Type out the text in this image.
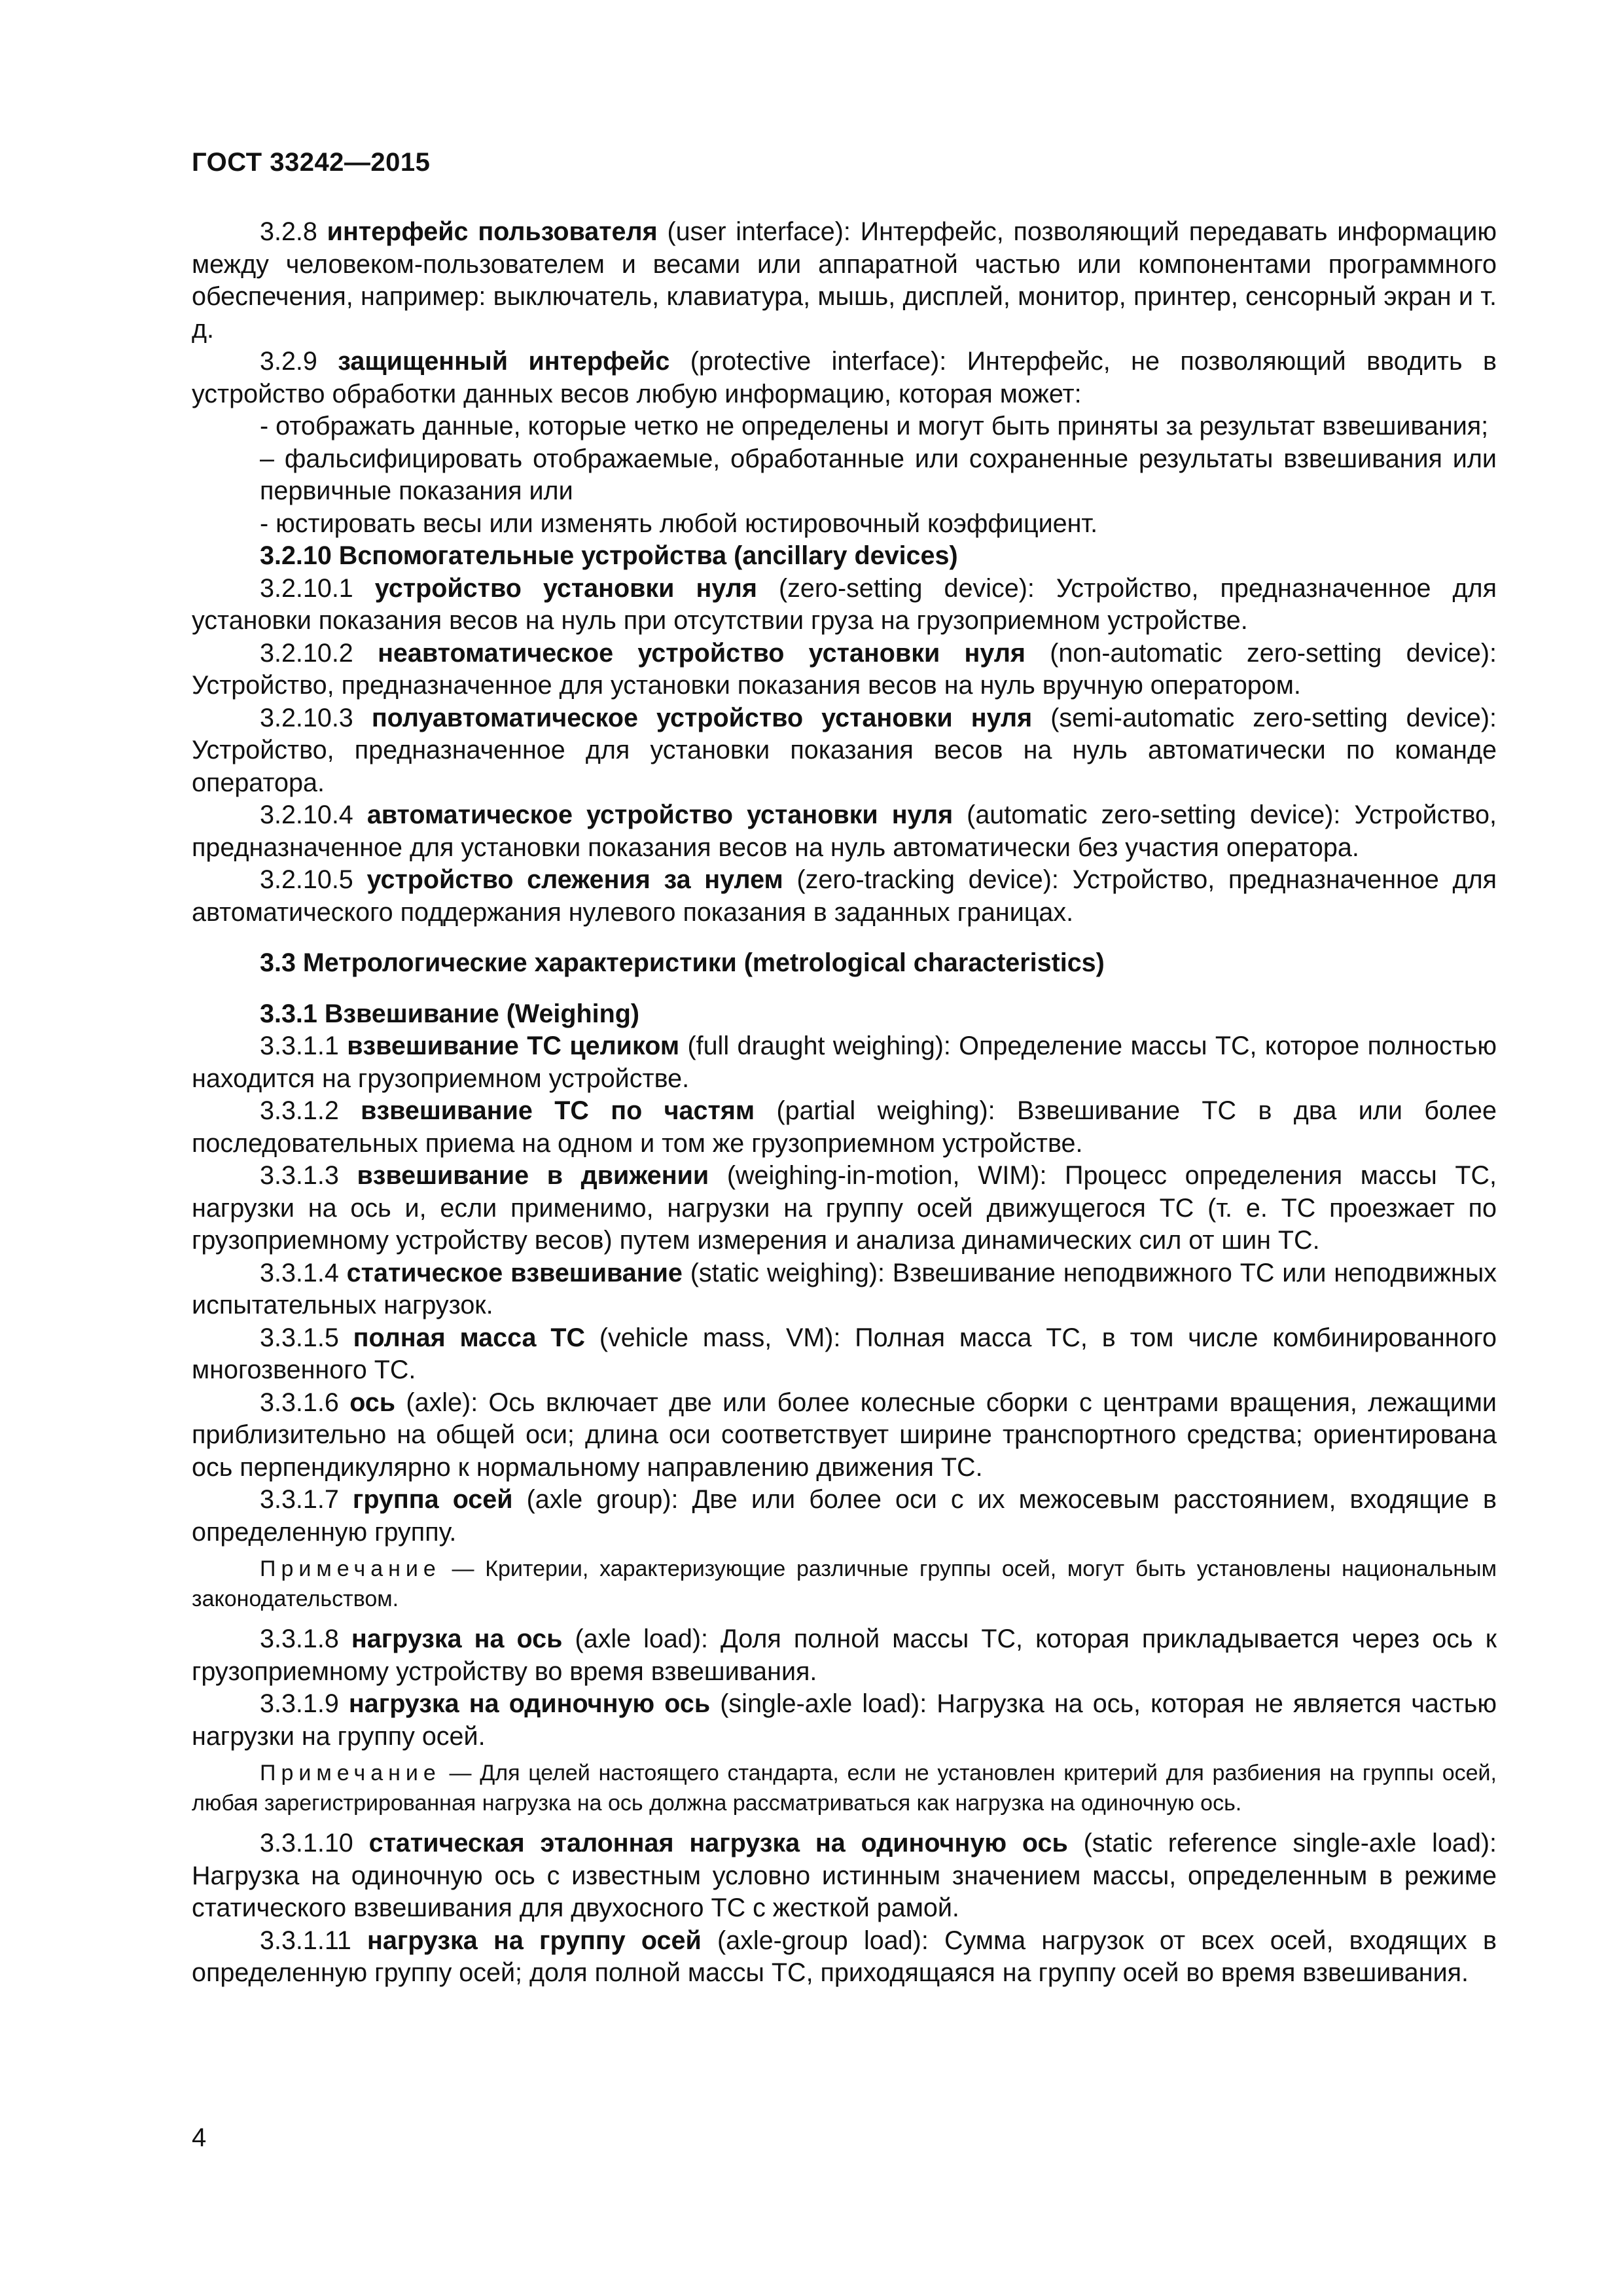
ГОСТ 33242—2015

3.2.8 интерфейс пользователя (user interface): Интерфейс, позволяющий передавать информацию между человеком-пользователем и весами или аппаратной частью или компонентами программного обеспечения, например: выключатель, клавиатура, мышь, дисплей, монитор, принтер, сенсорный экран и т. д.

3.2.9 защищенный интерфейс (protective interface): Интерфейс, не позволяющий вводить в устройство обработки данных весов любую информацию, которая может:

- отображать данные, которые четко не определены и могут быть приняты за результат взвешивания;

– фальсифицировать отображаемые, обработанные или сохраненные результаты взвешивания или первичные показания или

- юстировать весы или изменять любой юстировочный коэффициент.

3.2.10 Вспомогательные устройства (ancillary devices)

3.2.10.1 устройство установки нуля (zero-setting device): Устройство, предназначенное для установки показания весов на нуль при отсутствии груза на грузоприемном устройстве.

3.2.10.2 неавтоматическое устройство установки нуля (non-automatic zero-setting device): Устройство, предназначенное для установки показания весов на нуль вручную оператором.

3.2.10.3 полуавтоматическое устройство установки нуля (semi-automatic zero-setting device): Устройство, предназначенное для установки показания весов на нуль автоматически по команде оператора.

3.2.10.4 автоматическое устройство установки нуля (automatic zero-setting device): Устройство, предназначенное для установки показания весов на нуль автоматически без участия оператора.

3.2.10.5 устройство слежения за нулем (zero-tracking device): Устройство, предназначенное для автоматического поддержания нулевого показания в заданных границах.

3.3 Метрологические характеристики (metrological characteristics)

3.3.1 Взвешивание (Weighing)

3.3.1.1 взвешивание ТС целиком (full draught weighing): Определение массы ТС, которое полностью находится на грузоприемном устройстве.

3.3.1.2 взвешивание ТС по частям (partial weighing): Взвешивание ТС в два или более последовательных приема на одном и том же грузоприемном устройстве.

3.3.1.3 взвешивание в движении (weighing-in-motion, WIM): Процесс определения массы ТС, нагрузки на ось и, если применимо, нагрузки на группу осей движущегося ТС (т. е. ТС проезжает по грузоприемному устройству весов) путем измерения и анализа динамических сил от шин ТС.

3.3.1.4 статическое взвешивание (static weighing): Взвешивание неподвижного ТС или неподвижных испытательных нагрузок.

3.3.1.5 полная масса ТС (vehicle mass, VM): Полная масса ТС, в том числе комбинированного многозвенного ТС.

3.3.1.6 ось (axle): Ось включает две или более колесные сборки с центрами вращения, лежащими приблизительно на общей оси; длина оси соответствует ширине транспортного средства; ориентирована ось перпендикулярно к нормальному направлению движения ТС.

3.3.1.7 группа осей (axle group): Две или более оси с их межосевым расстоянием, входящие в определенную группу.

Примечание — Критерии, характеризующие различные группы осей, могут быть установлены национальным законодательством.

3.3.1.8 нагрузка на ось (axle load): Доля полной массы ТС, которая прикладывается через ось к грузоприемному устройству во время взвешивания.

3.3.1.9 нагрузка на одиночную ось (single-axle load): Нагрузка на ось, которая не является частью нагрузки на группу осей.

Примечание — Для целей настоящего стандарта, если не установлен критерий для разбиения на группы осей, любая зарегистрированная нагрузка на ось должна рассматриваться как нагрузка на одиночную ось.

3.3.1.10 статическая эталонная нагрузка на одиночную ось (static reference single-axle load): Нагрузка на одиночную ось с известным условно истинным значением массы, определенным в режиме статического взвешивания для двухосного ТС с жесткой рамой.

3.3.1.11 нагрузка на группу осей (axle-group load): Сумма нагрузок от всех осей, входящих в определенную группу осей; доля полной массы ТС, приходящаяся на группу осей во время взвешивания.

4
